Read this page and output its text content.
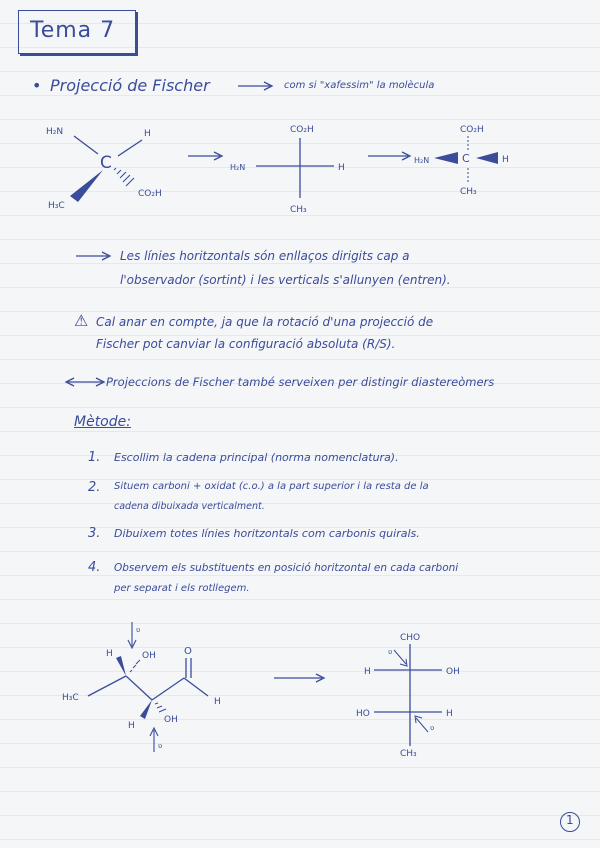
Tema 7
• Projecció de Fischer	com si "xafessim" la molècula
H₂N	H
C
H₃C
CO₂H
CO₂H
H₂N	H
CH₃
CO₂H
H₂N	C	H
CH₃
Les línies horitzontals són enllaços dirigits cap a
l'observador (sortint) i les verticals s'allunyen (entren).
⚠ Cal anar en compte, ja que la rotació d'una projecció de
Fischer pot canviar la configuració absoluta (R/S).
Projeccions de Fischer també serveixen per distingir diastereòmers
Mètode:
1. Escollim la cadena principal (norma nomenclatura).
2. Situem carboni + oxidat (c.o.) a la part superior i la resta de la
cadena dibuixada verticalment.
3. Dibuixem totes línies horitzontals com carbonis quirals.
4. Observem els substituents en posició horitzontal en cada carboni
per separat i els rotllegem.
ʋ
H	OH
H₃C
O
H
H
OH
ʋ
CHO
ʋ
H	OH
HO	H
ʋ
CH₃
1
